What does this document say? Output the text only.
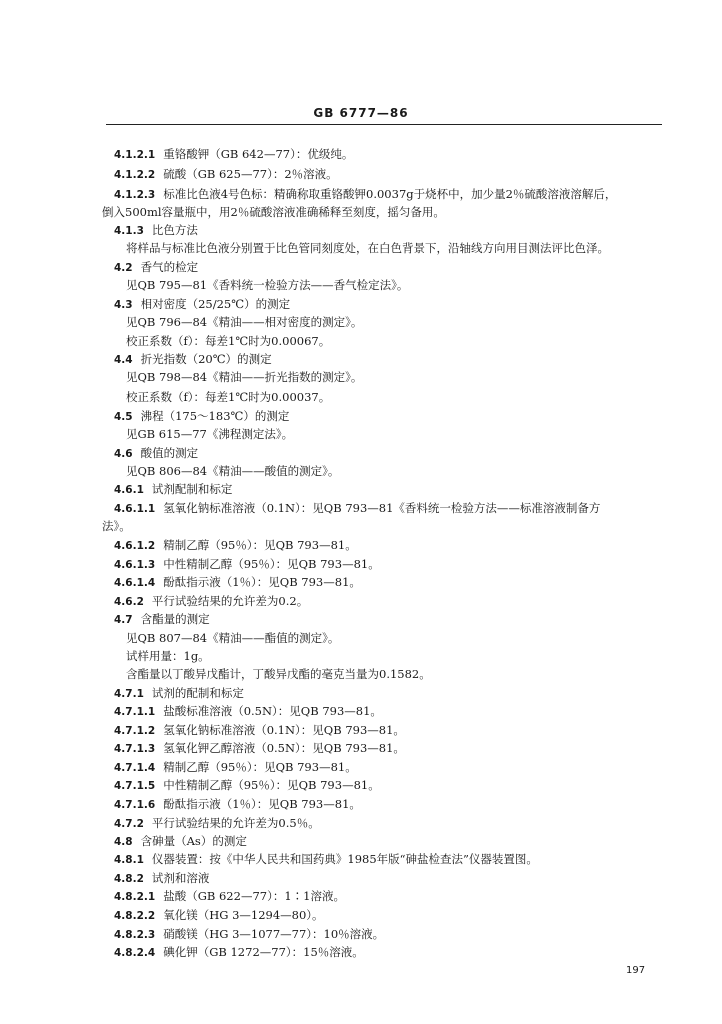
GB 6777—86
4.1.2.1 重铬酸钾（GB 642—77）：优级纯。
4.1.2.2 硫酸（GB 625—77）：2％溶液。
4.1.2.3 标准比色液4号色标：精确称取重铬酸钾0.0037g于烧杯中，加少量2％硫酸溶液溶解后，
倒入500ml容量瓶中，用2％硫酸溶液准确稀释至刻度，摇匀备用。
4.1.3 比色方法
将样品与标准比色液分别置于比色管同刻度处，在白色背景下，沿轴线方向用目测法评比色泽。
4.2 香气的检定
见QB 795—81《香料统一检验方法——香气检定法》。
4.3 相对密度（25/25℃）的测定
见QB 796—84《精油——相对密度的测定》。
校正系数（f）：每差1℃时为0.00067。
4.4 折光指数（20℃）的测定
见QB 798—84《精油——折光指数的测定》。
校正系数（f）：每差1℃时为0.00037。
4.5 沸程（175～183℃）的测定
见GB 615—77《沸程测定法》。
4.6 酸值的测定
见QB 806—84《精油——酸值的测定》。
4.6.1 试剂配制和标定
4.6.1.1 氢氧化钠标准溶液（0.1N）：见QB 793—81《香料统一检验方法——标准溶液制备方
法》。
4.6.1.2 精制乙醇（95％）：见QB 793—81。
4.6.1.3 中性精制乙醇（95％）：见QB 793—81。
4.6.1.4 酚酞指示液（1％）：见QB 793—81。
4.6.2 平行试验结果的允许差为0.2。
4.7 含酯量的测定
见QB 807—84《精油——酯值的测定》。
试样用量：1g。
含酯量以丁酸异戊酯计，丁酸异戊酯的毫克当量为0.1582。
4.7.1 试剂的配制和标定
4.7.1.1 盐酸标准溶液（0.5N）：见QB 793—81。
4.7.1.2 氢氧化钠标准溶液（0.1N）：见QB 793—81。
4.7.1.3 氢氧化钾乙醇溶液（0.5N）：见QB 793—81。
4.7.1.4 精制乙醇（95％）：见QB 793—81。
4.7.1.5 中性精制乙醇（95％）：见QB 793—81。
4.7.1.6 酚酞指示液（1％）：见QB 793—81。
4.7.2 平行试验结果的允许差为0.5％。
4.8 含砷量（As）的测定
4.8.1 仪器装置：按《中华人民共和国药典》1985年版“砷盐检查法”仪器装置图。
4.8.2 试剂和溶液
4.8.2.1 盐酸（GB 622—77）：1∶1溶液。
4.8.2.2 氧化镁（HG 3—1294—80）。
4.8.2.3 硝酸镁（HG 3—1077—77）：10％溶液。
4.8.2.4 碘化钾（GB 1272—77）：15％溶液。
197
